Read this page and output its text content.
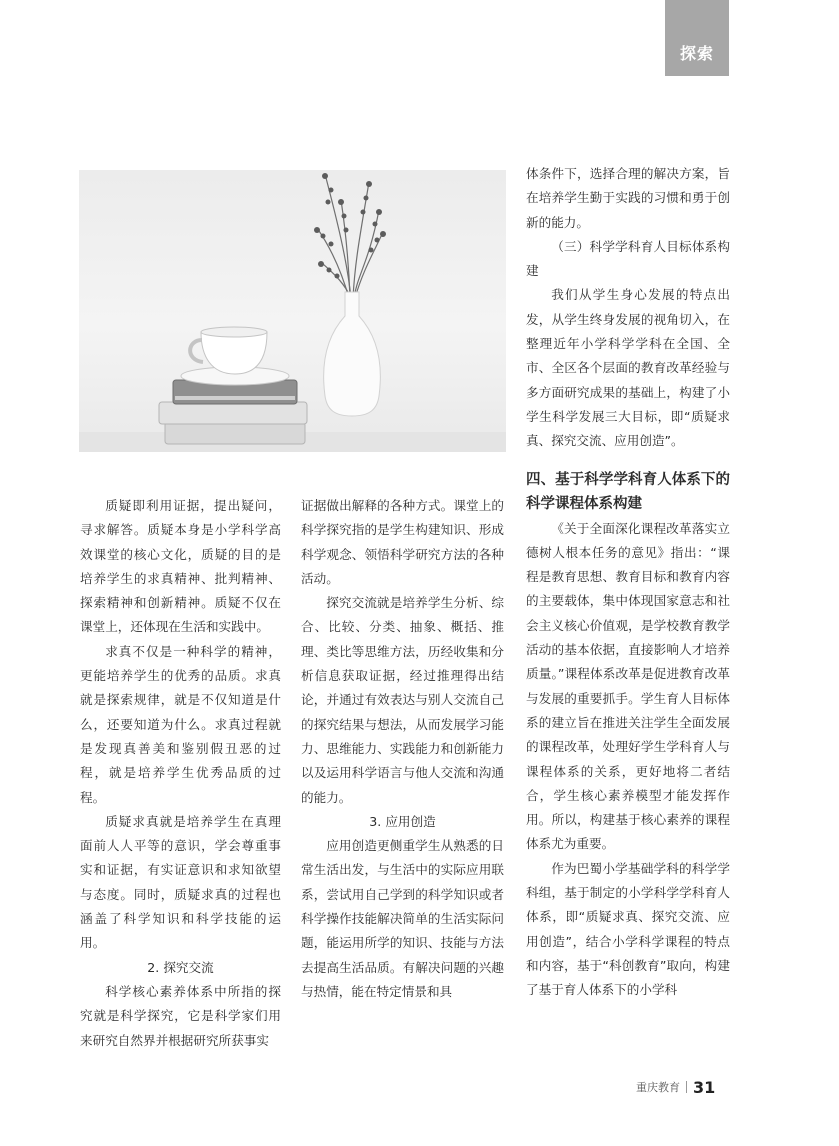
探索

质疑即利用证据，提出疑问，寻求解答。质疑本身是小学科学高效课堂的核心文化，质疑的目的是培养学生的求真精神、批判精神、探索精神和创新精神。质疑不仅在课堂上，还体现在生活和实践中。

求真不仅是一种科学的精神，更能培养学生的优秀的品质。求真就是探索规律，就是不仅知道是什么，还要知道为什么。求真过程就是发现真善美和鉴别假丑恶的过程，就是培养学生优秀品质的过程。

质疑求真就是培养学生在真理面前人人平等的意识，学会尊重事实和证据，有实证意识和求知欲望与态度。同时，质疑求真的过程也涵盖了科学知识和科学技能的运用。

2. 探究交流

科学核心素养体系中所指的探究就是科学探究，它是科学家们用来研究自然界并根据研究所获事实

证据做出解释的各种方式。课堂上的科学探究指的是学生构建知识、形成科学观念、领悟科学研究方法的各种活动。

探究交流就是培养学生分析、综合、比较、分类、抽象、概括、推理、类比等思维方法，历经收集和分析信息获取证据，经过推理得出结论，并通过有效表达与别人交流自己的探究结果与想法，从而发展学习能力、思维能力、实践能力和创新能力以及运用科学语言与他人交流和沟通的能力。

3. 应用创造

应用创造更侧重学生从熟悉的日常生活出发，与生活中的实际应用联系，尝试用自己学到的科学知识或者科学操作技能解决简单的生活实际问题，能运用所学的知识、技能与方法去提高生活品质。有解决问题的兴趣与热情，能在特定情景和具

体条件下，选择合理的解决方案，旨在培养学生勤于实践的习惯和勇于创新的能力。

（三）科学学科育人目标体系构建

我们从学生身心发展的特点出发，从学生终身发展的视角切入，在整理近年小学科学学科在全国、全市、全区各个层面的教育改革经验与多方面研究成果的基础上，构建了小学生科学发展三大目标，即“质疑求真、探究交流、应用创造”。

四、基于科学学科育人体系下的科学课程体系构建

《关于全面深化课程改革落实立德树人根本任务的意见》指出：“课程是教育思想、教育目标和教育内容的主要载体，集中体现国家意志和社会主义核心价值观，是学校教育教学活动的基本依据，直接影响人才培养质量。”课程体系改革是促进教育改革与发展的重要抓手。学生育人目标体系的建立旨在推进关注学生全面发展的课程改革，处理好学生学科育人与课程体系的关系，更好地将二者结合，学生核心素养模型才能发挥作用。所以，构建基于核心素养的课程体系尤为重要。

作为巴蜀小学基础学科的科学学科组，基于制定的小学科学学科育人体系，即“质疑求真、探究交流、应用创造”，结合小学科学课程的特点和内容，基于“科创教育”取向，构建了基于育人体系下的小学科

重庆教育 31
